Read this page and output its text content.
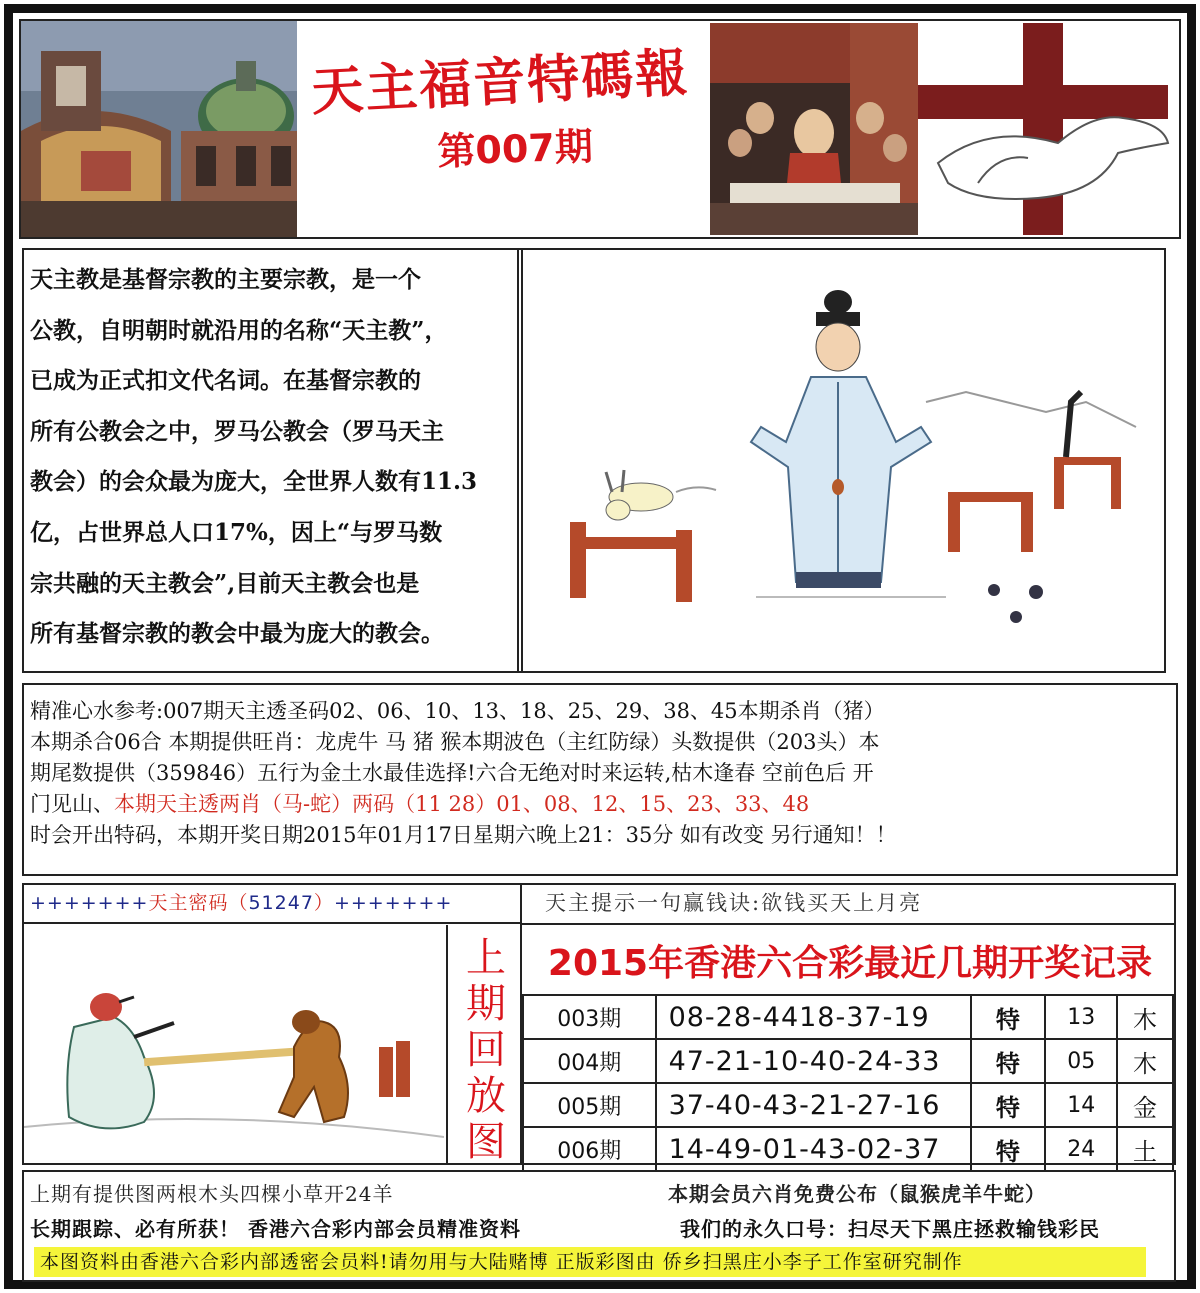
天主福音特碼報
第007期

天主教是基督宗教的主要宗教，是一个

公教，自明朝时就沿用的名称“天主教”，

已成为正式扣文代名词。在基督宗教的

所有公教会之中，罗马公教会（罗马天主

教会）的会众最为庞大，全世界人数有11.3

亿，占世界总人口17%，因上“与罗马数

宗共融的天主教会”,目前天主教会也是

所有基督宗教的教会中最为庞大的教会。

精准心水参考:007期天主透圣码02、06、10、13、18、25、29、38、45本期杀肖（猪）

本期杀合06合 本期提供旺肖：龙虎牛 马 猪 猴本期波色（主红防绿）头数提供（203头）本

期尾数提供（359846）五行为金土水最佳选择!六合无绝对时来运转,枯木逢春 空前色后 开

门见山、本期天主透两肖（马-蛇）两码（11 28）01、08、12、15、23、33、48

时会开出特码，本期开奖日期2015年01月17日星期六晚上21：35分 如有改变 另行通知！！

+++++++天主密码（51247）+++++++	天主提示一句赢钱诀:欲钱买天上月亮
上
期
回
放
图
2015年香港六合彩最近几期开奖记录
003期	08-28-4418-37-19	特	13	木
004期	47-21-10-40-24-33	特	05	木
005期	37-40-43-21-27-16	特	14	金
006期	14-49-01-43-02-37	特	24	土
上期有提供图两根木头四棵小草开24羊	本期会员六肖免费公布（鼠猴虎羊牛蛇）
长期跟踪、必有所获！ 香港六合彩内部会员精准资料	我们的永久口号：扫尽天下黑庄拯救输钱彩民
本图资料由香港六合彩内部透密会员料!请勿用与大陆赌博 正版彩图由 侨乡扫黑庄小李子工作室研究制作
